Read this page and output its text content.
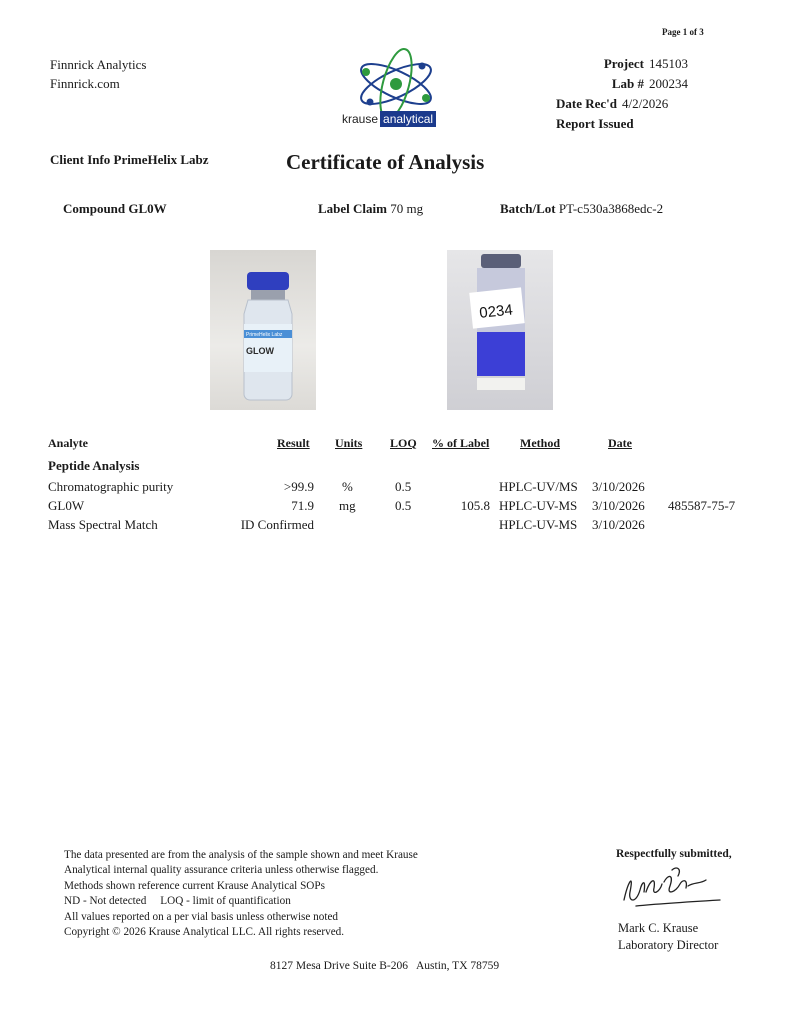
Page 1 of 3
Finnrick Analytics
Finnrick.com
krause analytical
Project 145103
Lab # 200234
Date Rec'd 4/2/2026
Report Issued
Client Info PrimeHelix Labz	Certificate of Analysis
Compound GL0W	Label Claim 70 mg	Batch/Lot PT-c530a3868edc-2
PrimeHelix Labz
GLOW
0234
Analyte	Result Units LOQ % of Label	Method	Date
Peptide Analysis
Chromatographic purity	>99.9 %	0.5	HPLC-UV/MS 3/10/2026
GL0W	71.9 mg	0.5	105.8 HPLC-UV-MS 3/10/2026 485587-75-7
Mass Spectral Match	ID Confirmed	HPLC-UV-MS 3/10/2026
The data presented are from the analysis of the sample shown and meet Krause
Analytical internal quality assurance criteria unless otherwise flagged.
Methods shown reference current Krause Analytical SOPs
ND - Not detected     LOQ - limit of quantification
All values reported on a per vial basis unless otherwise noted
Copyright © 2026 Krause Analytical LLC. All rights reserved.
Respectfully submitted,
Mark C. Krause
Laboratory Director
8127 Mesa Drive Suite B-206   Austin, TX 78759
